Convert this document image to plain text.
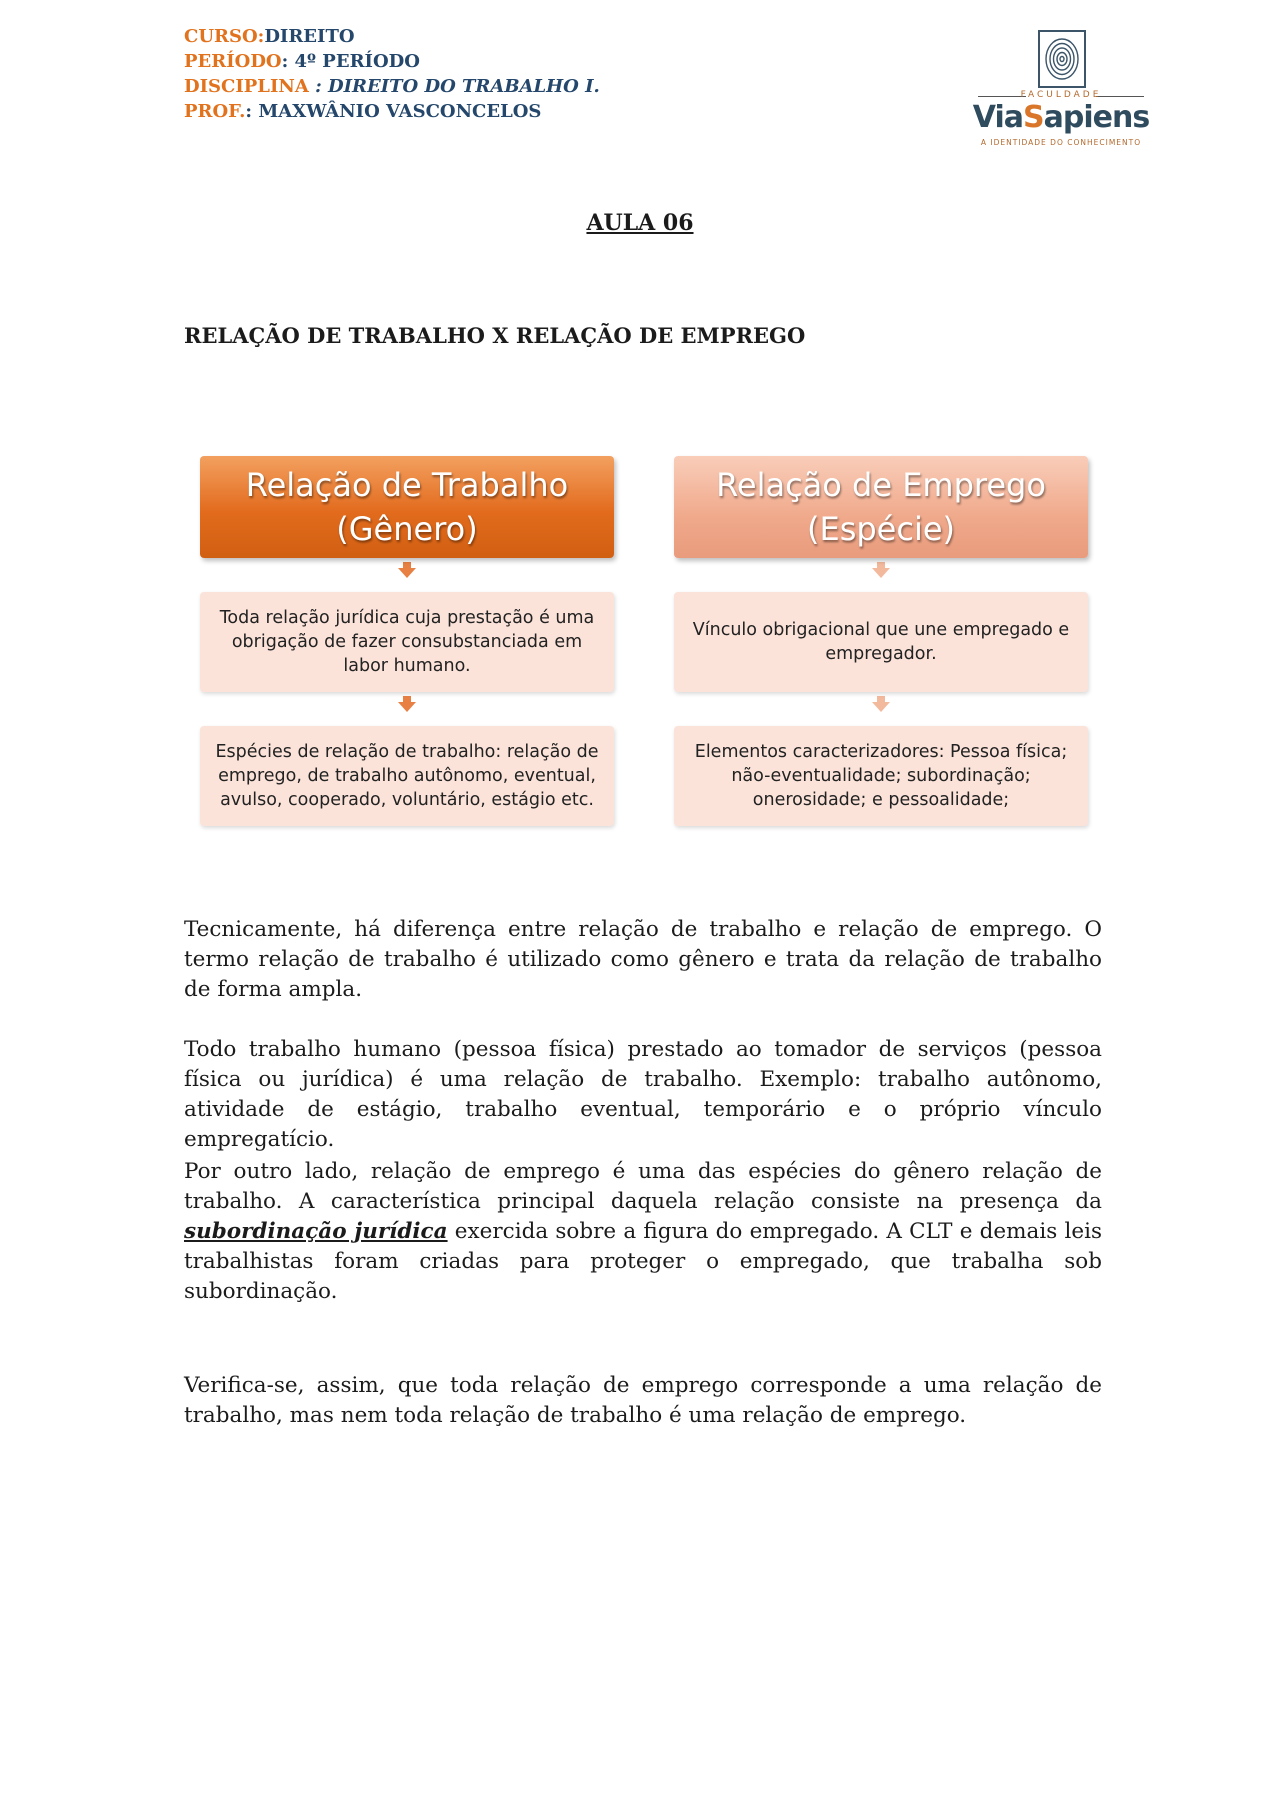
CURSO:DIREITO
PERÍODO: 4º PERÍODO
DISCIPLINA : DIREITO DO TRABALHO I.
PROF.: MAXWÂNIO VASCONCELOS
FACULDADE
ViaSapiens
A IDENTIDADE DO CONHECIMENTO
AULA 06
RELAÇÃO DE TRABALHO X RELAÇÃO DE EMPREGO
Relação de Trabalho
(Gênero)
Toda relação jurídica cuja prestação é uma obrigação de fazer consubstanciada em labor humano.
Espécies de relação de trabalho: relação de emprego, de trabalho autônomo, eventual, avulso, cooperado, voluntário, estágio etc.
Relação de Emprego
(Espécie)
Vínculo obrigacional que une empregado e empregador.
Elementos caracterizadores: Pessoa física; não-eventualidade; subordinação; onerosidade; e pessoalidade;

Tecnicamente, há diferença entre relação de trabalho e relação de emprego. O termo relação de trabalho é utilizado como gênero e trata da relação de trabalho de forma ampla.

Todo trabalho humano (pessoa física) prestado ao tomador de serviços (pessoa física ou jurídica) é uma relação de trabalho. Exemplo: trabalho autônomo, atividade de estágio, trabalho eventual, temporário e o próprio vínculo empregatício.

Por outro lado, relação de emprego é uma das espécies do gênero relação de trabalho. A característica principal daquela relação consiste na presença da subordinação jurídica exercida sobre a figura do empregado. A CLT e demais leis trabalhistas foram criadas para proteger o empregado, que trabalha sob subordinação.

Verifica-se, assim, que toda relação de emprego corresponde a uma relação de trabalho, mas nem toda relação de trabalho é uma relação de emprego.
